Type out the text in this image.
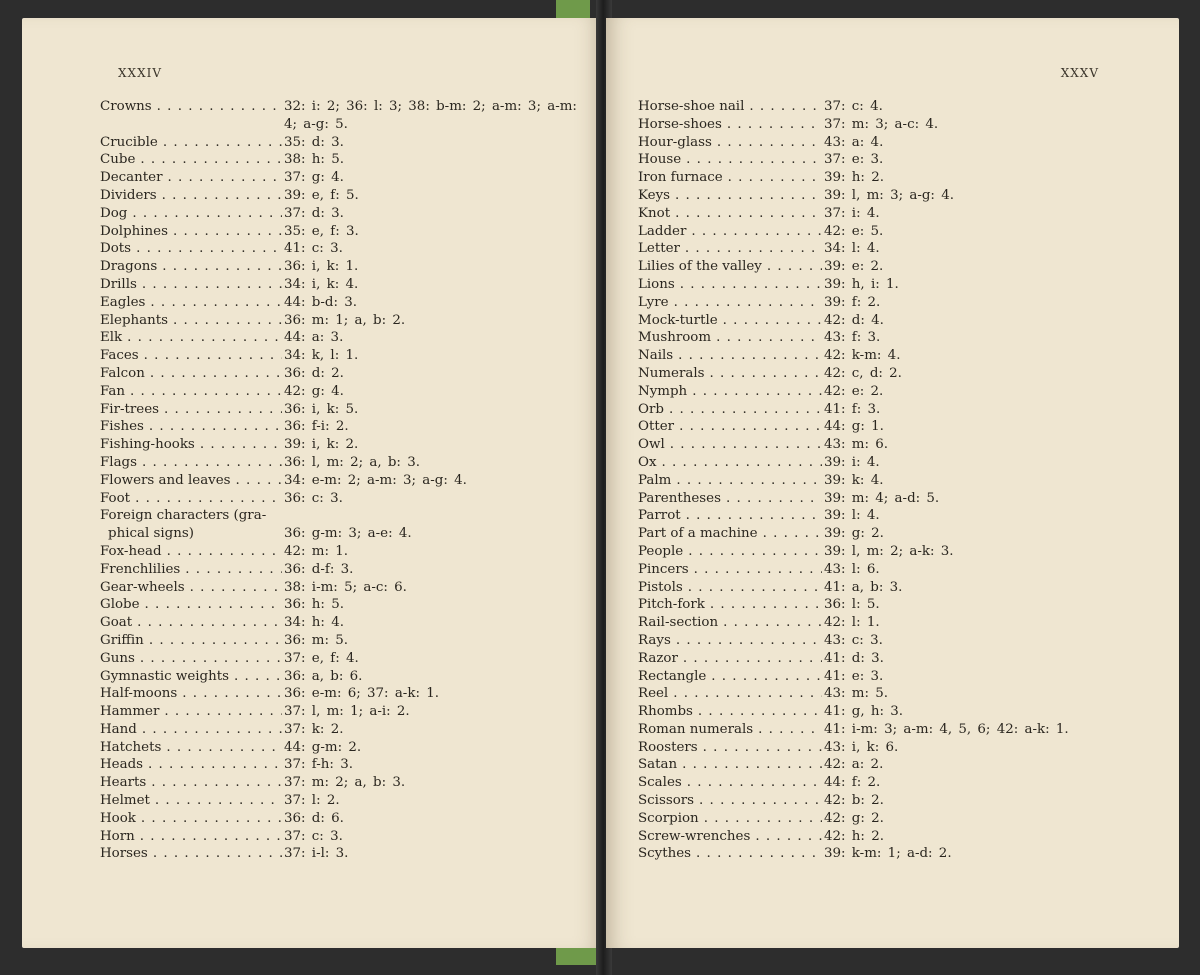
XXXIV
Crowns . . .	32: i: 2; 36: l: 3; 38: b-m: 2; a-m: 3; a-m: 4; a-g: 5.
Crucible . . .	35: d: 3.
Cube . . .	38: h: 5.
Decanter . . .	37: g: 4.
Dividers . . .	39: e, f: 5.
Dog . . .	37: d: 3.
Dolphines . . .	35: e, f: 3.
Dots . . .	41: c: 3.
Dragons . . .	36: i, k: 1.
Drills . . .	34: i, k: 4.
Eagles . . .	44: b-d: 3.
Elephants . . .	36: m: 1; a, b: 2.
Elk . . .	44: a: 3.
Faces . . .	34: k, l: 1.
Falcon . . .	36: d: 2.
Fan . . .	42: g: 4.
Fir-trees . . .	36: i, k: 5.
Fishes . . .	36: f-i: 2.
Fishing-hooks . . .	39: i, k: 2.
Flags . . .	36: l, m: 2; a, b: 3.
Flowers and leaves . . .	34: e-m: 2; a-m: 3; a-g: 4.
Foot . . .	36: c: 3.
Foreign characters (gra-
phical signs)	36: g-m: 3; a-e: 4.
Fox-head . . .	42: m: 1.
Frenchlilies . . .	36: d-f: 3.
Gear-wheels . . .	38: i-m: 5; a-c: 6.
Globe . . .	36: h: 5.
Goat . . .	34: h: 4.
Griffin . . .	36: m: 5.
Guns . . .	37: e, f: 4.
Gymnastic weights . . .	36: a, b: 6.
Half-moons . . .	36: e-m: 6; 37: a-k: 1.
Hammer . . .	37: l, m: 1; a-i: 2.
Hand . . .	37: k: 2.
Hatchets . . .	44: g-m: 2.
Heads . . .	37: f-h: 3.
Hearts . . .	37: m: 2; a, b: 3.
Helmet . . .	37: l: 2.
Hook . . .	36: d: 6.
Horn . . .	37: c: 3.
Horses . . .	37: i-l: 3.
XXXV
Horse-shoe nail . . .	37: c: 4.
Horse-shoes . . .	37: m: 3; a-c: 4.
Hour-glass . . .	43: a: 4.
House . . .	37: e: 3.
Iron furnace . . .	39: h: 2.
Keys . . .	39: l, m: 3; a-g: 4.
Knot . . .	37: i: 4.
Ladder . . .	42: e: 5.
Letter . . .	34: l: 4.
Lilies of the valley . . .	39: e: 2.
Lions . . .	39: h, i: 1.
Lyre . . .	39: f: 2.
Mock-turtle . . .	42: d: 4.
Mushroom . . .	43: f: 3.
Nails . . .	42: k-m: 4.
Numerals . . .	42: c, d: 2.
Nymph . . .	42: e: 2.
Orb . . .	41: f: 3.
Otter . . .	44: g: 1.
Owl . . .	43: m: 6.
Ox . . .	39: i: 4.
Palm . . .	39: k: 4.
Parentheses . . .	39: m: 4; a-d: 5.
Parrot . . .	39: l: 4.
Part of a machine . . .	39: g: 2.
People . . .	39: l, m: 2; a-k: 3.
Pincers . . .	43: l: 6.
Pistols . . .	41: a, b: 3.
Pitch-fork . . .	36: l: 5.
Rail-section . . .	42: l: 1.
Rays . . .	43: c: 3.
Razor . . .	41: d: 3.
Rectangle . . .	41: e: 3.
Reel . . .	43: m: 5.
Rhombs . . .	41: g, h: 3.
Roman numerals . . .	41: i-m: 3; a-m: 4, 5, 6; 42: a-k: 1.
Roosters . . .	43: i, k: 6.
Satan . . .	42: a: 2.
Scales . . .	44: f: 2.
Scissors . . .	42: b: 2.
Scorpion . . .	42: g: 2.
Screw-wrenches . . .	42: h: 2.
Scythes . . .	39: k-m: 1; a-d: 2.
